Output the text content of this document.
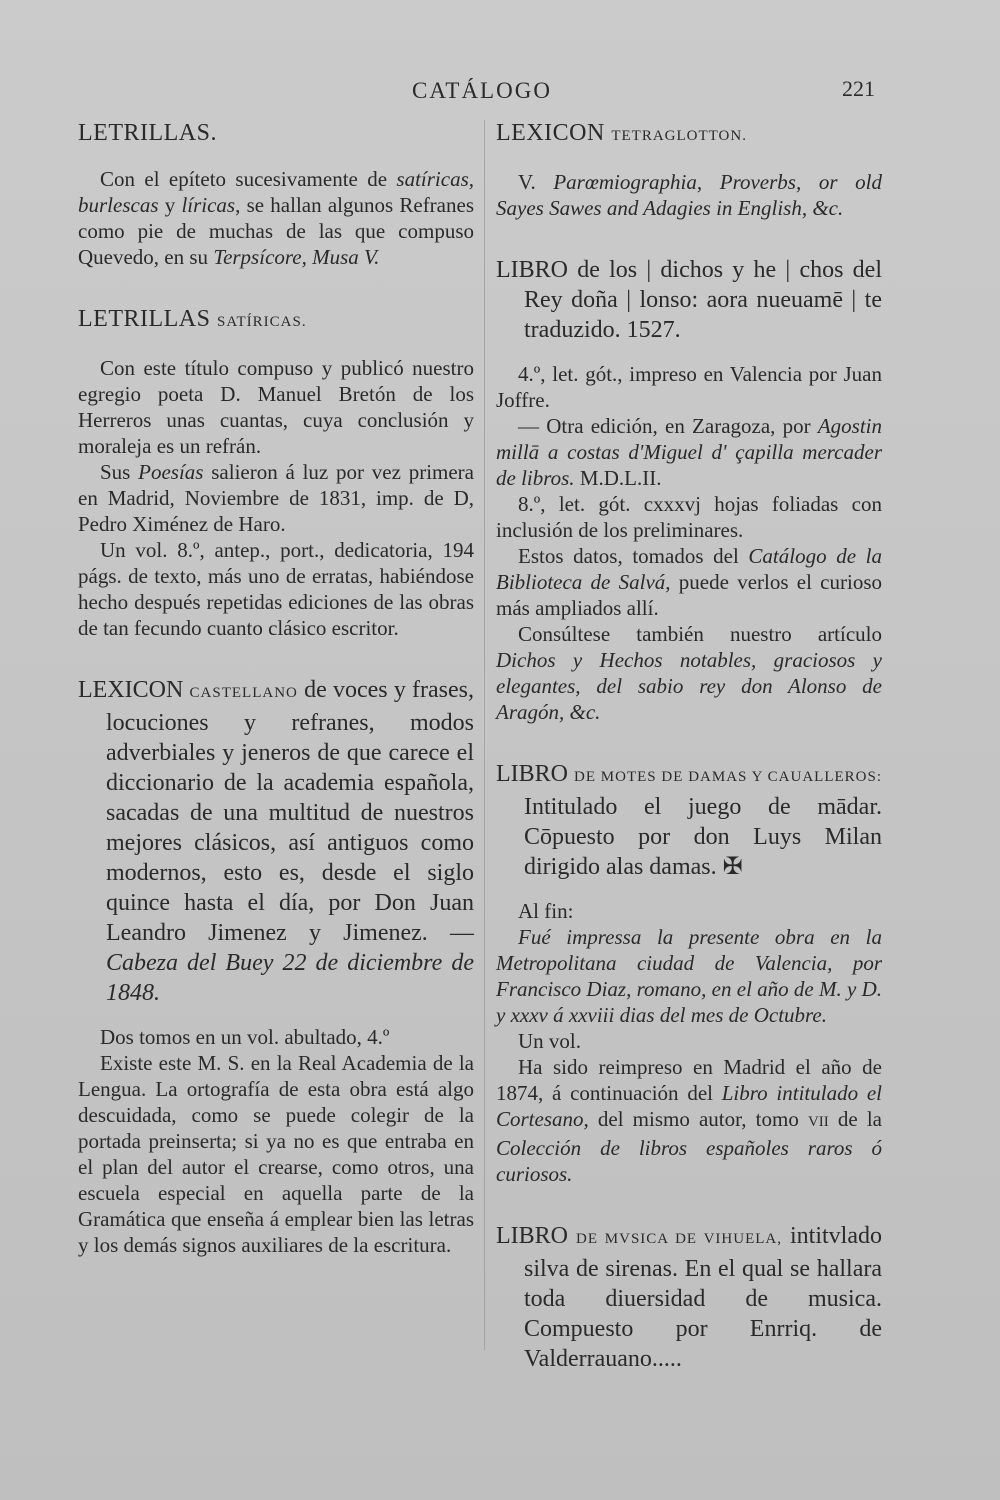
CATÁLOGO	221
LETRILLAS.

Con el epíteto sucesivamente de satíricas, burlescas y líricas, se hallan algunos Refranes como pie de muchas de las que compuso Quevedo, en su Terpsícore, Musa V.

LETRILLAS SATÍRICAS.

Con este título compuso y publicó nuestro egregio poeta D. Manuel Bretón de los Herreros unas cuantas, cuya conclusión y moraleja es un refrán.

Sus Poesías salieron á luz por vez primera en Madrid, Noviembre de 1831, imp. de D, Pedro Ximénez de Haro.

Un vol. 8.º, antep., port., dedicatoria, 194 págs. de texto, más uno de erratas, habiéndose hecho después repetidas ediciones de las obras de tan fecundo cuanto clásico escritor.

LEXICON CASTELLANO de voces y frases, locuciones y refranes, modos adverbiales y jeneros de que carece el diccionario de la academia española, sacadas de una multitud de nuestros mejores clásicos, así antiguos como modernos, esto es, desde el siglo quince hasta el día, por Don Juan Leandro Jimenez y Jimenez. — Cabeza del Buey 22 de diciembre de 1848.

Dos tomos en un vol. abultado, 4.º

Existe este M. S. en la Real Academia de la Lengua. La ortografía de esta obra está algo descuidada, como se puede colegir de la portada preinserta; si ya no es que entraba en el plan del autor el crearse, como otros, una escuela especial en aquella parte de la Gramática que enseña á emplear bien las letras y los demás signos auxiliares de la escritura.

LEXICON TETRAGLOTTON.

V. Parœmiographia, Proverbs, or old Sayes Sawes and Adagies in English, &c.

LIBRO de los | dichos y he | chos del Rey doña | lonso: aora nueuamē | te traduzido. 1527.

4.º, let. gót., impreso en Valencia por Juan Joffre.

— Otra edición, en Zaragoza, por Agostin millā a costas d'Miguel d' çapilla mercader de libros. M.D.L.II.

8.º, let. gót. cxxxvj hojas foliadas con inclusión de los preliminares.

Estos datos, tomados del Catálogo de la Biblioteca de Salvá, puede verlos el curioso más ampliados allí.

Consúltese también nuestro artículo Dichos y Hechos notables, graciosos y elegantes, del sabio rey don Alonso de Aragón, &c.

LIBRO DE MOTES DE DAMAS Y CAUALLEROS: Intitulado el juego de mādar. Cōpuesto por don Luys Milan dirigido alas damas. ✠

Al fin:

Fué impressa la presente obra en la Metropolitana ciudad de Valencia, por Francisco Diaz, romano, en el año de M. y D. y xxxv á xxviii dias del mes de Octubre.

Un vol.

Ha sido reimpreso en Madrid el año de 1874, á continuación del Libro intitulado el Cortesano, del mismo autor, tomo VII de la Colección de libros españoles raros ó curiosos.

LIBRO DE MVSICA DE VIHUELA, intitvlado silva de sirenas. En el qual se hallara toda diuersidad de musica. Compuesto por Enrriq. de Valderrauano.....
